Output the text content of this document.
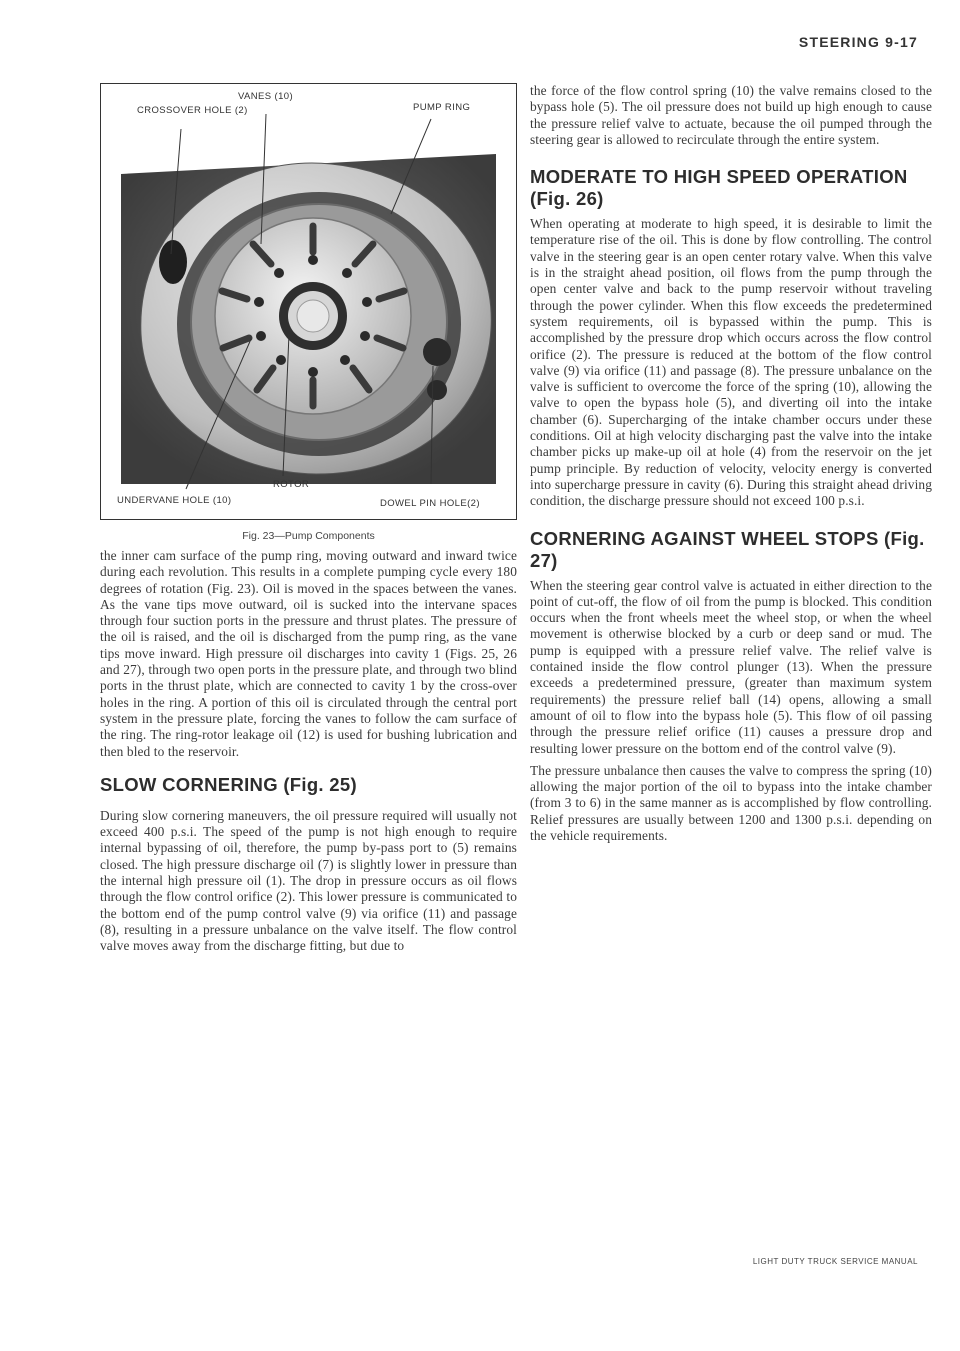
STEERING 9-17
VANES (10)
CROSSOVER HOLE (2)	PUMP RING
ROTOR
UNDERVANE HOLE (10)	DOWEL PIN HOLE(2)
Fig. 23—Pump Components

the inner cam surface of the pump ring, moving outward and inward twice during each revolution. This results in a complete pumping cycle every 180 degrees of rotation (Fig. 23). Oil is moved in the spaces between the vanes. As the vane tips move outward, oil is sucked into the intervane spaces through four suction ports in the pressure and thrust plates. The pressure of the oil is raised, and the oil is discharged from the pump ring, as the vane tips move inward. High pressure oil discharges into cavity 1 (Figs. 25, 26 and 27), through two open ports in the pressure plate, and through two blind ports in the thrust plate, which are connected to cavity 1 by the cross-over holes in the ring. A portion of this oil is circulated through the central port system in the pressure plate, forcing the vanes to follow the cam surface of the ring. The ring-rotor leakage oil (12) is used for bushing lubrication and then bled to the reservoir.

SLOW CORNERING (Fig. 25)

During slow cornering maneuvers, the oil pressure required will usually not exceed 400 p.s.i. The speed of the pump is not high enough to require internal bypassing of oil, therefore, the pump by-pass port to (5) remains closed. The high pressure discharge oil (7) is slightly lower in pressure than the internal high pressure oil (1). The drop in pressure occurs as oil flows through the flow control orifice (2). This lower pressure is communicated to the bottom end of the pump control valve (9) via orifice (11) and passage (8), resulting in a pressure unbalance on the valve itself. The flow control valve moves away from the discharge fitting, but due to

the force of the flow control spring (10) the valve remains closed to the bypass hole (5). The oil pressure does not build up high enough to cause the pressure relief valve to actuate, because the oil pumped through the steering gear is allowed to recirculate through the entire system.

MODERATE TO HIGH SPEED OPERATION (Fig. 26)

When operating at moderate to high speed, it is desirable to limit the temperature rise of the oil. This is done by flow controlling. The control valve in the steering gear is an open center rotary valve. When this valve is in the straight ahead position, oil flows from the pump through the open center valve and back to the pump reservoir without traveling through the power cylinder. When this flow exceeds the predetermined system requirements, oil is bypassed within the pump. This is accomplished by the pressure drop which occurs across the flow control orifice (2). The pressure is reduced at the bottom of the flow control valve (9) via orifice (11) and passage (8). The pressure unbalance on the valve is sufficient to overcome the force of the spring (10), allowing the valve to open the bypass hole (5), and diverting oil into the intake chamber (6). Supercharging of the intake chamber occurs under these conditions. Oil at high velocity discharging past the valve into the intake chamber picks up make-up oil at hole (4) from the reservoir on the jet pump principle. By reduction of velocity, velocity energy is converted into supercharge pressure in cavity (6). During this straight ahead driving condition, the discharge pressure should not exceed 100 p.s.i.

CORNERING AGAINST WHEEL STOPS (Fig. 27)

When the steering gear control valve is actuated in either direction to the point of cut-off, the flow of oil from the pump is blocked. This condition occurs when the front wheels meet the wheel stop, or when the wheel movement is otherwise blocked by a curb or deep sand or mud. The pump is equipped with a pressure relief valve. The relief valve is contained inside the flow control plunger (13). When the pressure exceeds a predetermined pressure, (greater than maximum system requirements) the pressure relief ball (14) opens, allowing a small amount of oil to flow into the bypass hole (5). This flow of oil passing through the pressure relief orifice (11) causes a pressure drop and resulting lower pressure on the bottom end of the control valve (9).

The pressure unbalance then causes the valve to compress the spring (10) allowing the major portion of the oil to bypass into the intake chamber (from 3 to 6) in the same manner as is accomplished by flow controlling. Relief pressures are usually between 1200 and 1300 p.s.i. depending on the vehicle requirements.

LIGHT DUTY TRUCK SERVICE MANUAL
